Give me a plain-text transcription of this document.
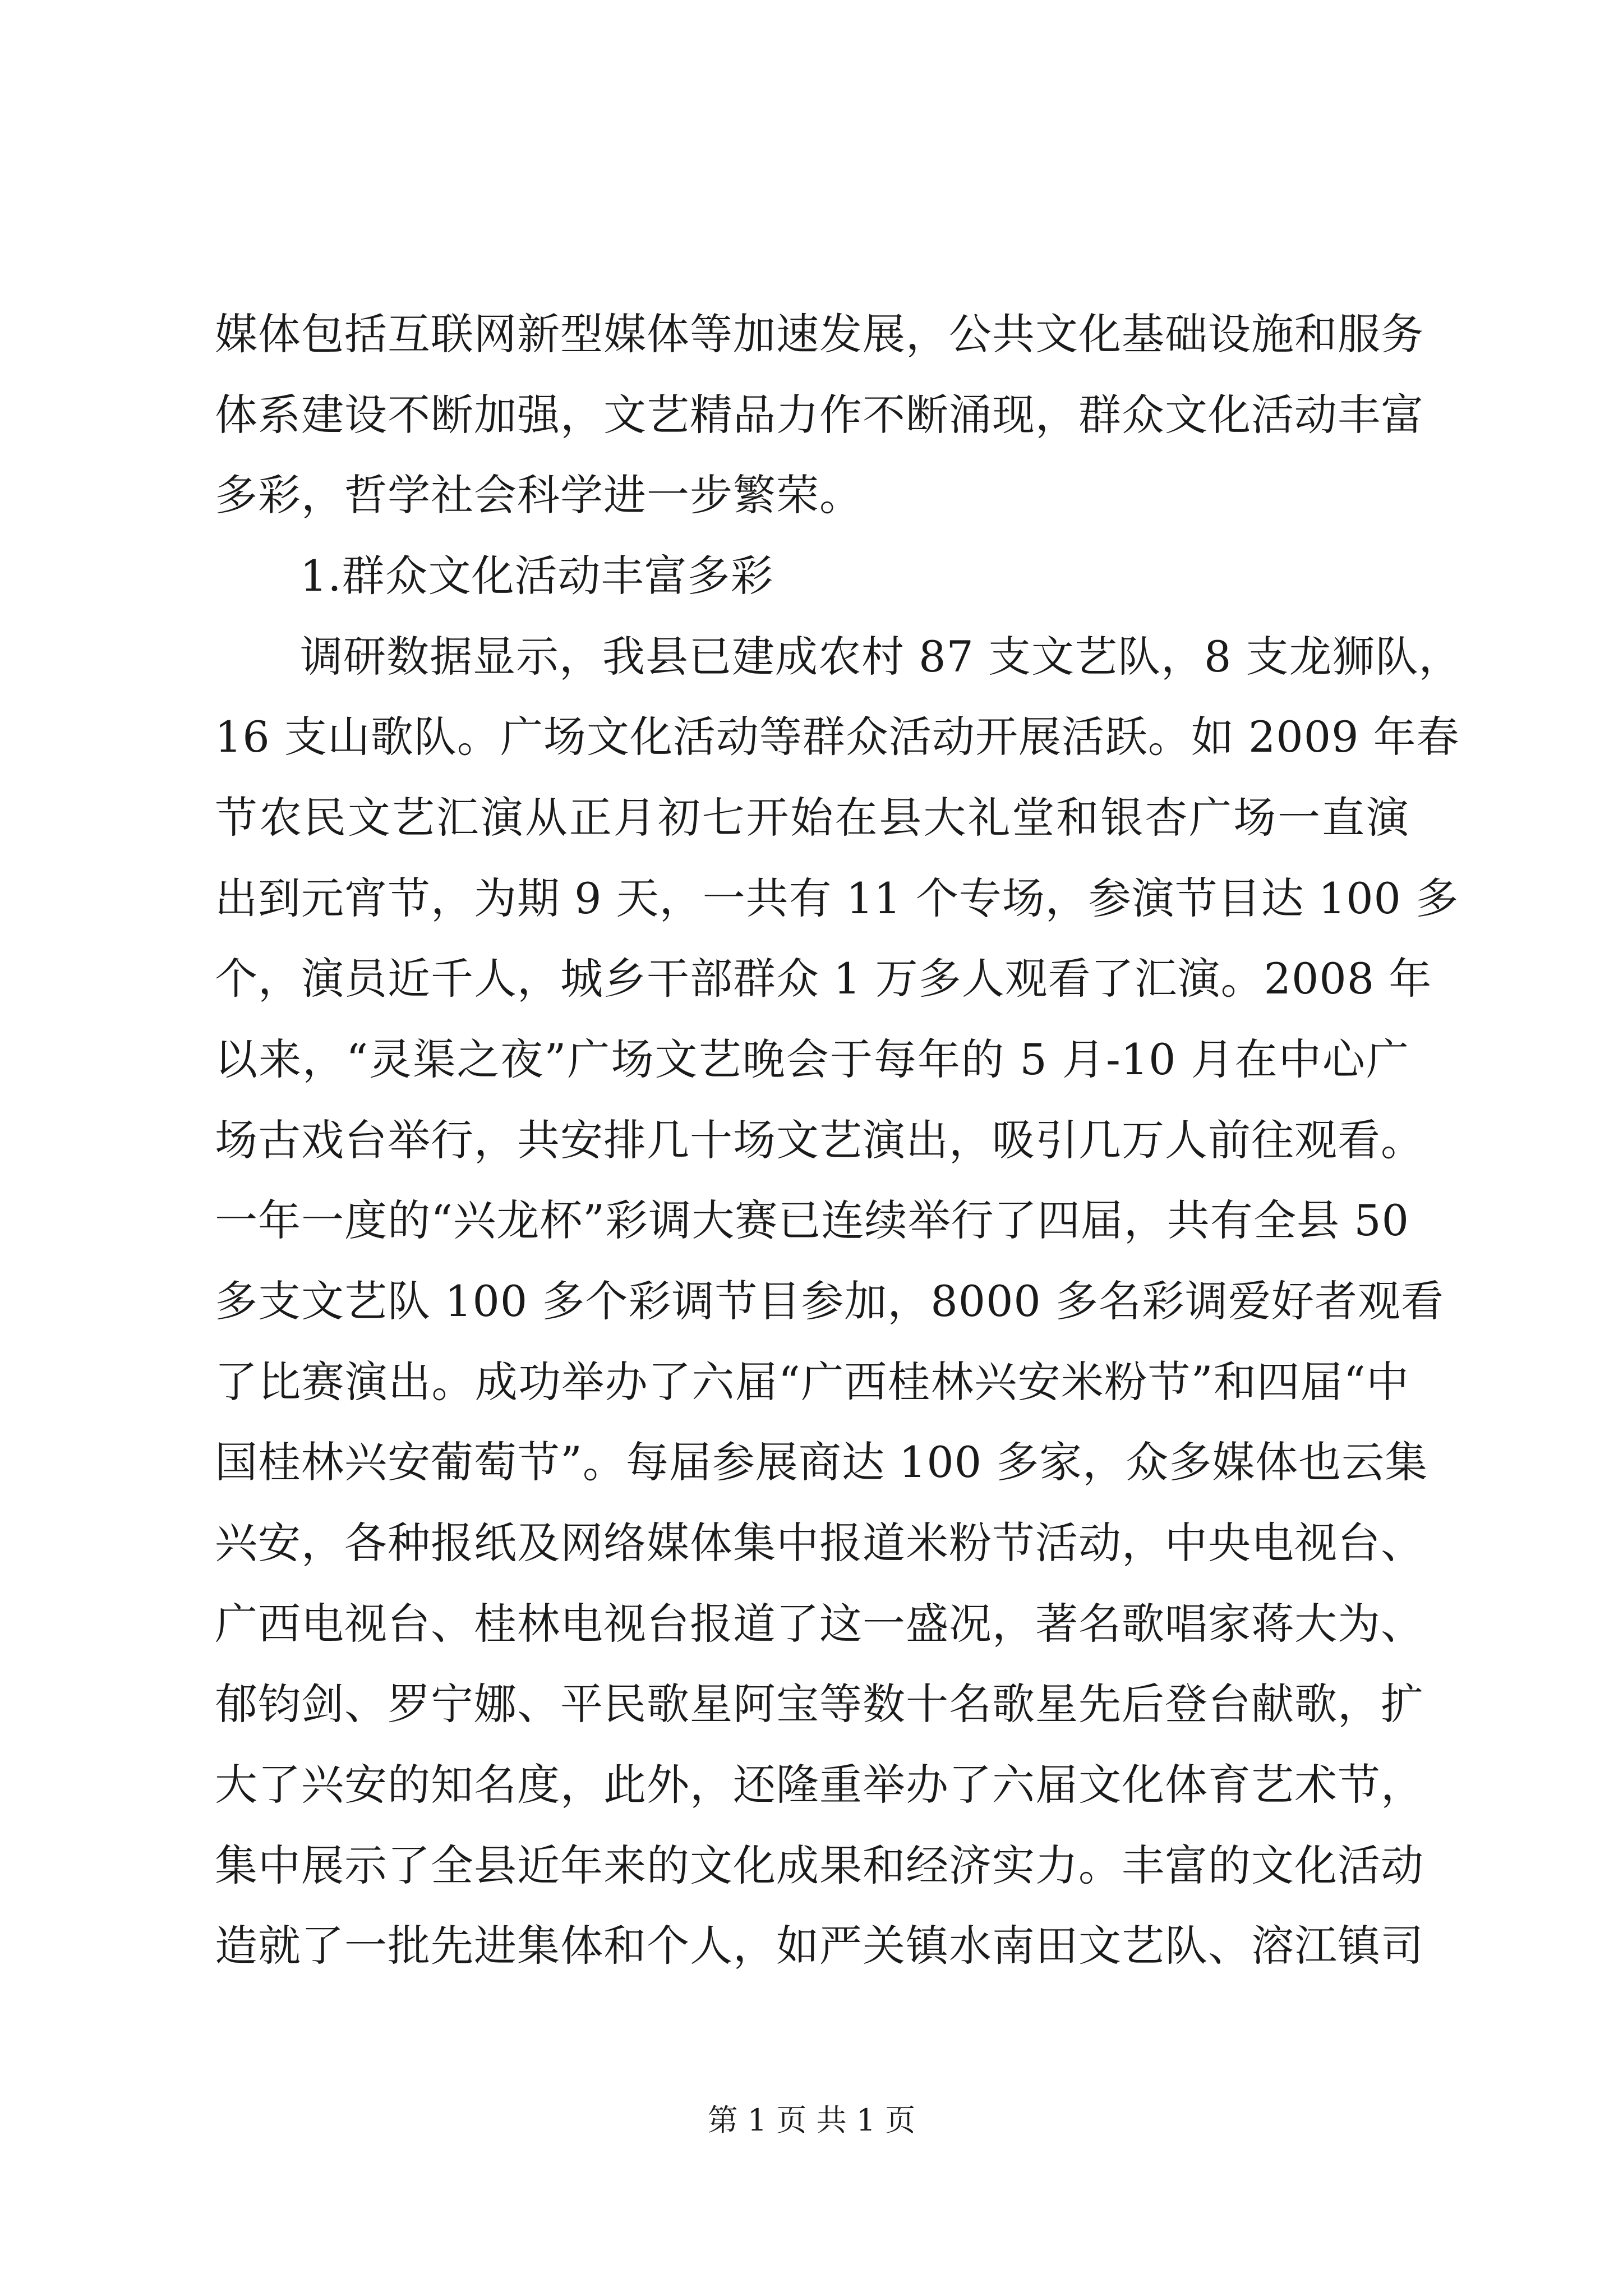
媒体包括互联网新型媒体等加速发展，公共文化基础设施和服务
体系建设不断加强，文艺精品力作不断涌现，群众文化活动丰富
多彩，哲学社会科学进一步繁荣。
1.群众文化活动丰富多彩
调研数据显示，我县已建成农村 87 支文艺队，8 支龙狮队，
16 支山歌队。广场文化活动等群众活动开展活跃。如 2009 年春
节农民文艺汇演从正月初七开始在县大礼堂和银杏广场一直演
出到元宵节，为期 9 天，一共有 11 个专场，参演节目达 100 多
个，演员近千人，城乡干部群众 1 万多人观看了汇演。2008 年
以来，“灵渠之夜”广场文艺晚会于每年的 5 月-10 月在中心广
场古戏台举行，共安排几十场文艺演出，吸引几万人前往观看。
一年一度的“兴龙杯”彩调大赛已连续举行了四届，共有全县 50
多支文艺队 100 多个彩调节目参加，8000 多名彩调爱好者观看
了比赛演出。成功举办了六届“广西桂林兴安米粉节”和四届“中
国桂林兴安葡萄节”。每届参展商达 100 多家，众多媒体也云集
兴安，各种报纸及网络媒体集中报道米粉节活动，中央电视台、
广西电视台、桂林电视台报道了这一盛况，著名歌唱家蒋大为、
郁钧剑、罗宁娜、平民歌星阿宝等数十名歌星先后登台献歌，扩
大了兴安的知名度，此外，还隆重举办了六届文化体育艺术节，
集中展示了全县近年来的文化成果和经济实力。丰富的文化活动
造就了一批先进集体和个人，如严关镇水南田文艺队、溶江镇司
第 1 页 共 1 页
